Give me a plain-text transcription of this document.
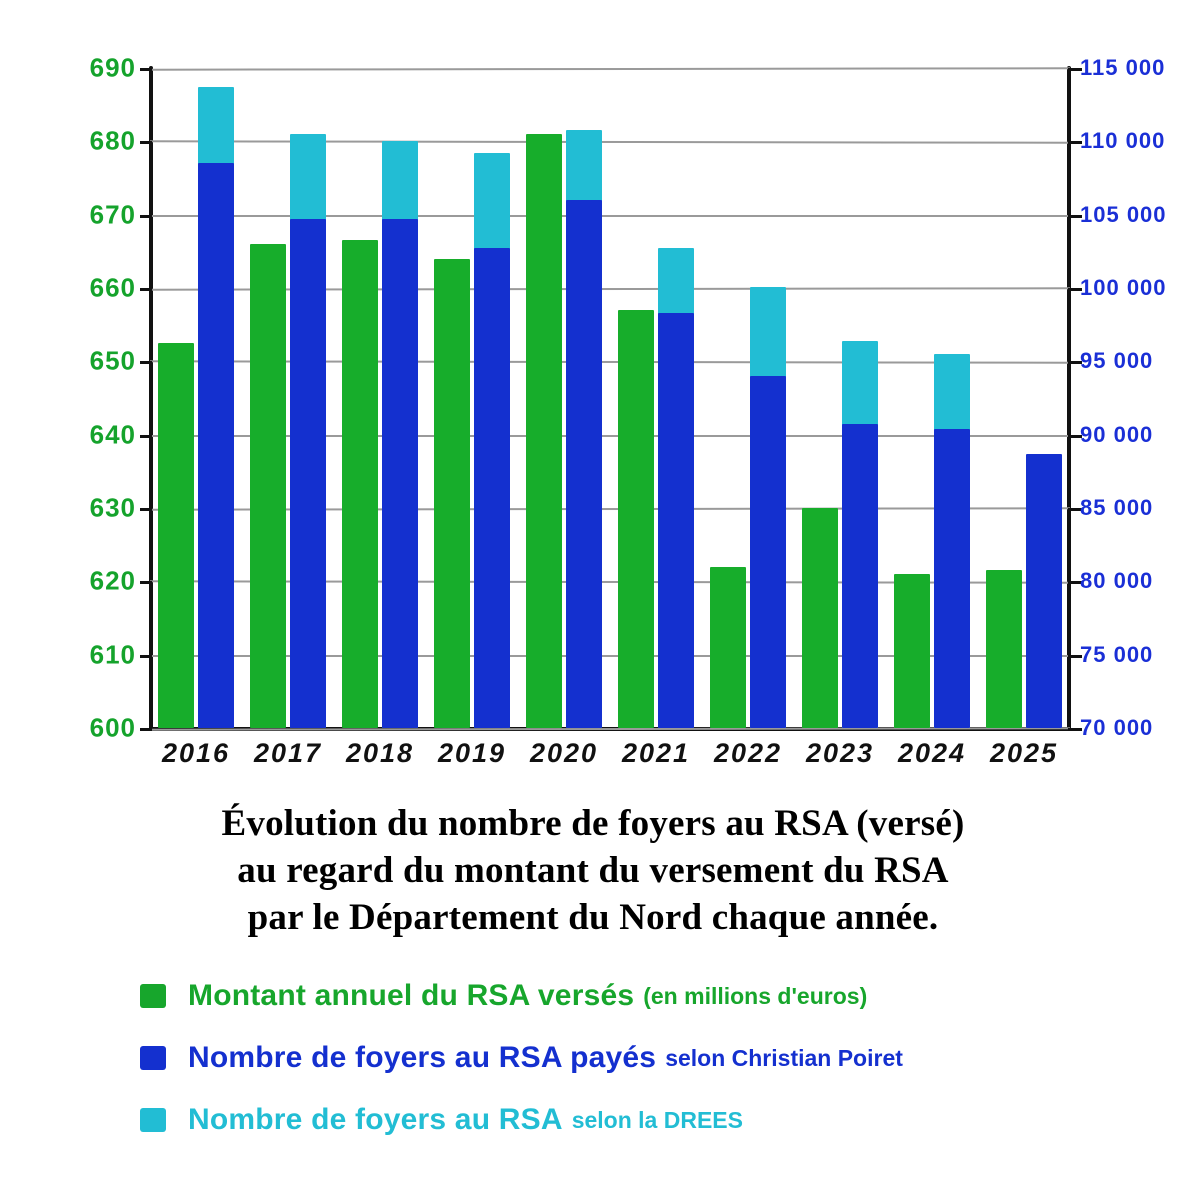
600
610
620
630
640
650
660
670
680
690
70 000
75 000
80 000
85 000
90 000
95 000
100 000
105 000
110 000
115 000
2016 2017 2018 2019 2020 2021 2022 2023 2024 2025
Évolution du nombre de foyers au RSA (versé)
au regard du montant du versement du RSA
par le Département du Nord chaque année.
Montant annuel du RSA versés (en millions d'euros)
Nombre de foyers au RSA payés selon Christian Poiret
Nombre de foyers au RSA selon la DREES
